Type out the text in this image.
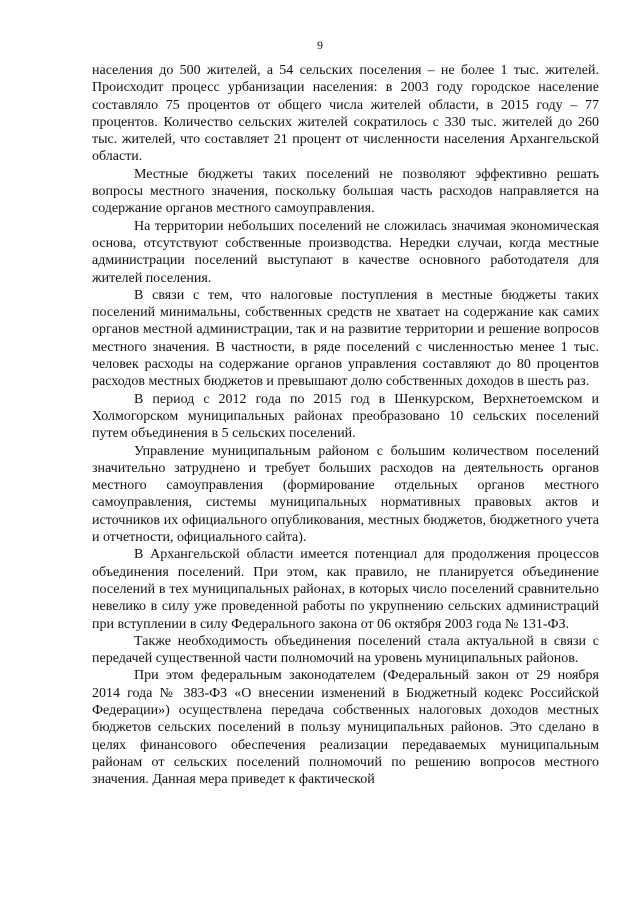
9

населения до 500 жителей, а 54 сельских поселения – не более 1 тыс. жителей. Происходит процесс урбанизации населения: в 2003 году городское население составляло 75 процентов от общего числа жителей области, в 2015 году – 77 процентов. Количество сельских жителей сократилось с 330 тыс. жителей до 260 тыс. жителей, что составляет 21 процент от численности населения Архангельской области.

Местные бюджеты таких поселений не позволяют эффективно решать вопросы местного значения, поскольку большая часть расходов направляется на содержание органов местного самоуправления.

На территории небольших поселений не сложилась значимая экономическая основа, отсутствуют собственные производства. Нередки случаи, когда местные администрации поселений выступают в качестве основного работодателя для жителей поселения.

В связи с тем, что налоговые поступления в местные бюджеты таких поселений минимальны, собственных средств не хватает на содержание как самих органов местной администрации, так и на развитие территории и решение вопросов местного значения. В частности, в ряде поселений с численностью менее 1 тыс. человек расходы на содержание органов управления составляют до 80 процентов расходов местных бюджетов и превышают долю собственных доходов в шесть раз.

В период с 2012 года по 2015 год в Шенкурском, Верхнетоемском и Холмогорском муниципальных районах преобразовано 10 сельских поселений путем объединения в 5 сельских поселений.

Управление муниципальным районом с большим количеством поселений значительно затруднено и требует больших расходов на деятельность органов местного самоуправления (формирование отдельных органов местного самоуправления, системы муниципальных нормативных правовых актов и источников их официального опубликования, местных бюджетов, бюджетного учета и отчетности, официального сайта).

В Архангельской области имеется потенциал для продолжения процессов объединения поселений. При этом, как правило, не планируется объединение поселений в тех муниципальных районах, в которых число поселений сравнительно невелико в силу уже проведенной работы по укрупнению сельских администраций при вступлении в силу Федерального закона от 06 октября 2003 года № 131-ФЗ.

Также необходимость объединения поселений стала актуальной в связи с передачей существенной части полномочий на уровень муниципальных районов.

При этом федеральным законодателем (Федеральный закон от 29 ноября 2014 года № 383-ФЗ «О внесении изменений в Бюджетный кодекс Российской Федерации») осуществлена передача собственных налоговых доходов местных бюджетов сельских поселений в пользу муниципальных районов. Это сделано в целях финансового обеспечения реализации передаваемых муниципальным районам от сельских поселений полномочий по решению вопросов местного значения. Данная мера приведет к фактической
